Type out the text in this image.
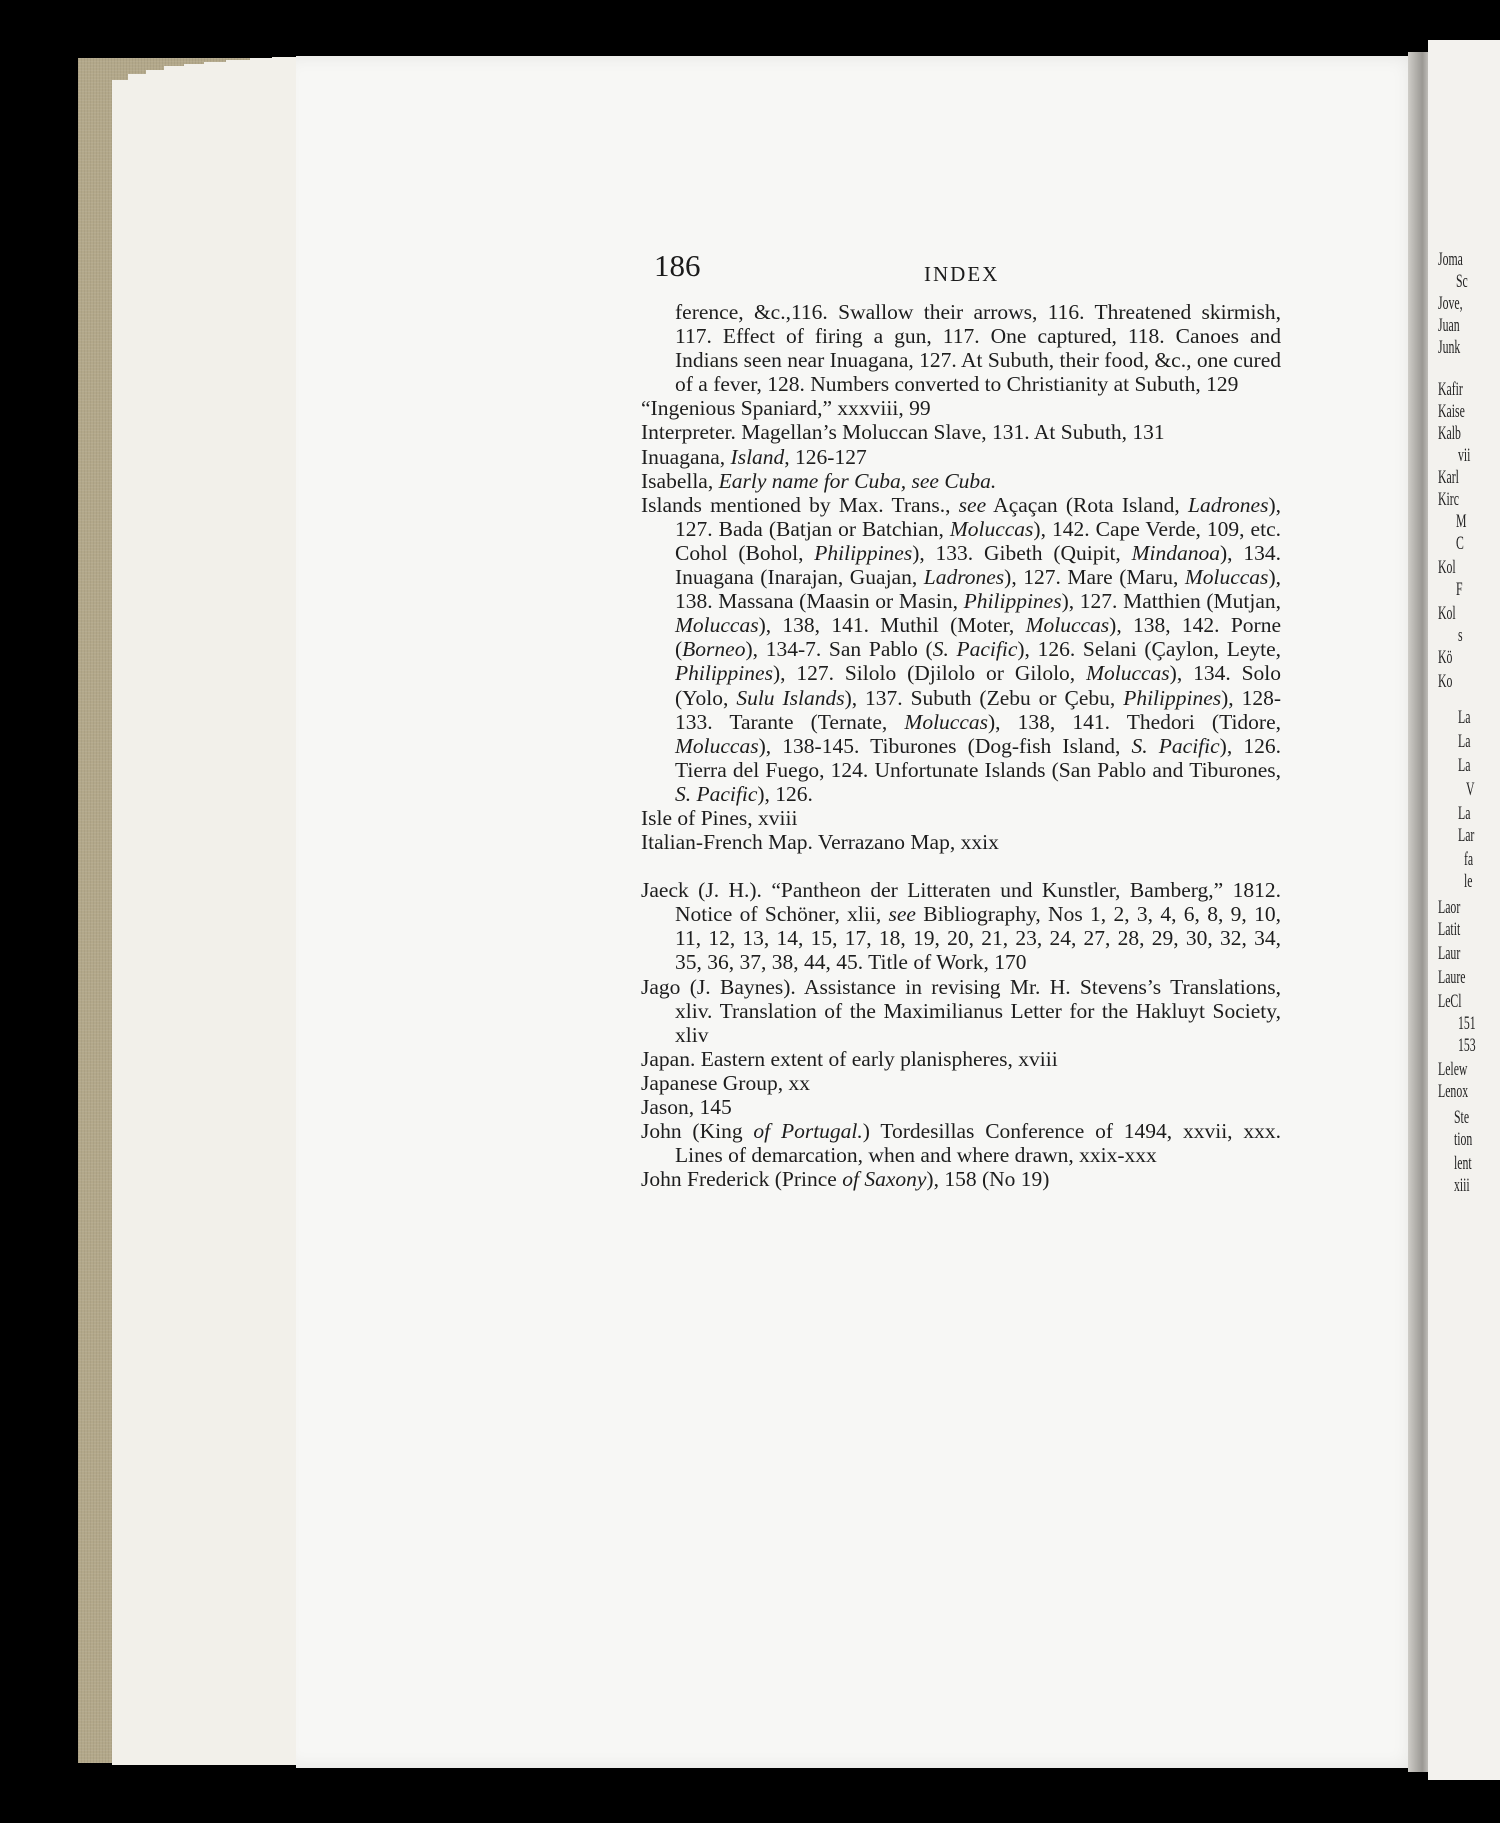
Joma
Sc
Jove,
Juan
Junk
Kafir
Kaise
Kalb
vii
Karl
Kirc
M
C
Kol
F
Kol
s
Kö
Ko
La
La
La
V
La
Lar
fa
le
Laor
Latit
Laur
Laure
LeCl
151
153
Lelew
Lenox
Ste
tion
lent
xiii
186	INDEX
ference, &c.,116. Swallow their arrows, 116. Threatened skirmish, 117. Effect of firing a gun, 117. One captured, 118. Canoes and Indians seen near Inuagana, 127. At Subuth, their food, &c., one cured of a fever, 128. Numbers converted to Christianity at Subuth, 129
“Ingenious Spaniard,” xxxviii, 99
Interpreter. Magellan’s Moluccan Slave, 131. At Subuth, 131
Inuagana, Island, 126-127
Isabella, Early name for Cuba, see Cuba.
Islands mentioned by Max. Trans., see Açaçan (Rota Island, Ladrones), 127. Bada (Batjan or Batchian, Moluccas), 142. Cape Verde, 109, etc. Cohol (Bohol, Philippines), 133. Gibeth (Quipit, Mindanoa), 134. Inuagana (Inarajan, Guajan, Ladrones), 127. Mare (Maru, Moluccas), 138. Massana (Maasin or Masin, Philippines), 127. Matthien (Mutjan, Moluccas), 138, 141. Muthil (Moter, Moluccas), 138, 142. Porne (Borneo), 134-7. San Pablo (S. Pacific), 126. Selani (Çaylon, Leyte, Philippines), 127. Silolo (Djilolo or Gilolo, Moluccas), 134. Solo (Yolo, Sulu Islands), 137. Subuth (Zebu or Çebu, Philippines), 128-133. Tarante (Ternate, Moluccas), 138, 141. Thedori (Tidore, Moluccas), 138-145. Tiburones (Dog-fish Island, S. Pacific), 126. Tierra del Fuego, 124. Unfortunate Islands (San Pablo and Tiburones, S. Pacific), 126.
Isle of Pines, xviii
Italian-French Map. Verrazano Map, xxix
Jaeck (J. H.). “Pantheon der Litteraten und Kunstler, Bamberg,” 1812. Notice of Schöner, xlii, see Bibliography, Nos 1, 2, 3, 4, 6, 8, 9, 10, 11, 12, 13, 14, 15, 17, 18, 19, 20, 21, 23, 24, 27, 28, 29, 30, 32, 34, 35, 36, 37, 38, 44, 45. Title of Work, 170
Jago (J. Baynes). Assistance in revising Mr. H. Stevens’s Translations, xliv. Translation of the Maximilianus Letter for the Hakluyt Society, xliv
Japan. Eastern extent of early planispheres, xviii
Japanese Group, xx
Jason, 145
John (King of Portugal.) Tordesillas Conference of 1494, xxvii, xxx. Lines of demarcation, when and where drawn, xxix-xxx
John Frederick (Prince of Saxony), 158 (No 19)
